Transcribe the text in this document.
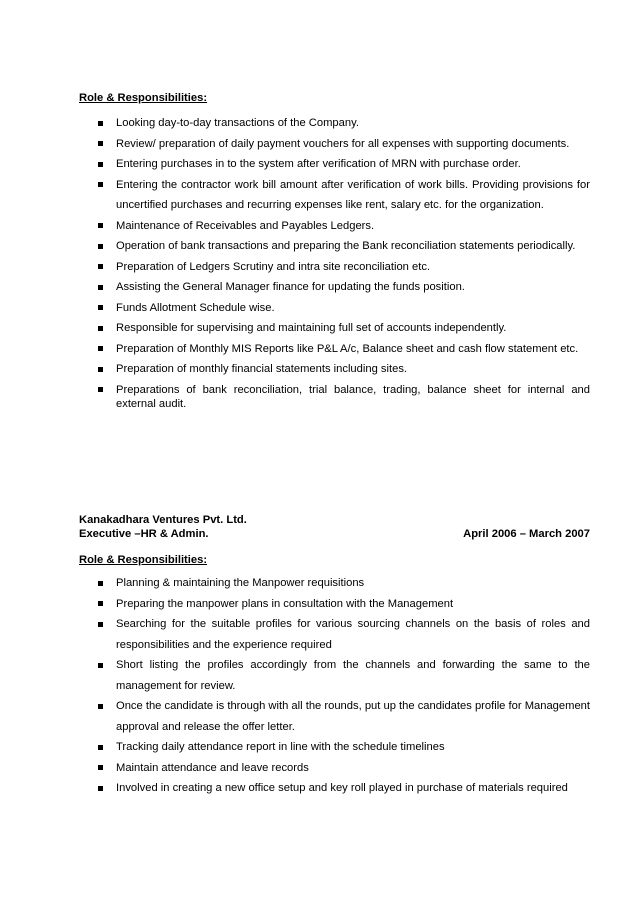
Role & Responsibilities:

Looking day-to-day transactions of the Company.
Review/ preparation of daily payment vouchers for all expenses with supporting documents.
Entering purchases in to the system after verification of MRN with purchase order.
Entering the contractor work bill amount after verification of work bills. Providing provisions for uncertified purchases and recurring expenses like rent, salary etc. for the organization.
Maintenance of Receivables and Payables Ledgers.
Operation of bank transactions and preparing the Bank reconciliation statements periodically.
Preparation of Ledgers Scrutiny and intra site reconciliation etc.
Assisting the General Manager finance for updating the funds position.
Funds Allotment Schedule wise.
Responsible for supervising and maintaining full set of accounts independently.
Preparation of Monthly MIS Reports like P&L A/c, Balance sheet and cash flow statement etc.
Preparation of monthly financial statements including sites.
Preparations of bank reconciliation, trial balance, trading, balance sheet for internal and external audit.

Kanakadhara Ventures Pvt. Ltd.

Executive –HR & Admin.	April 2006 – March 2007

Role & Responsibilities:

Planning & maintaining the Manpower requisitions
Preparing the manpower plans in consultation with the Management
Searching for the suitable profiles for various sourcing channels on the basis of roles and responsibilities and the experience required
Short listing the profiles accordingly from the channels and forwarding the same to the management for review.
Once the candidate is through with all the rounds, put up the candidates profile for Management approval and release the offer letter.
Tracking daily attendance report in line with the schedule timelines
Maintain attendance and leave records
Involved in creating a new office setup and key roll played in purchase of materials required
